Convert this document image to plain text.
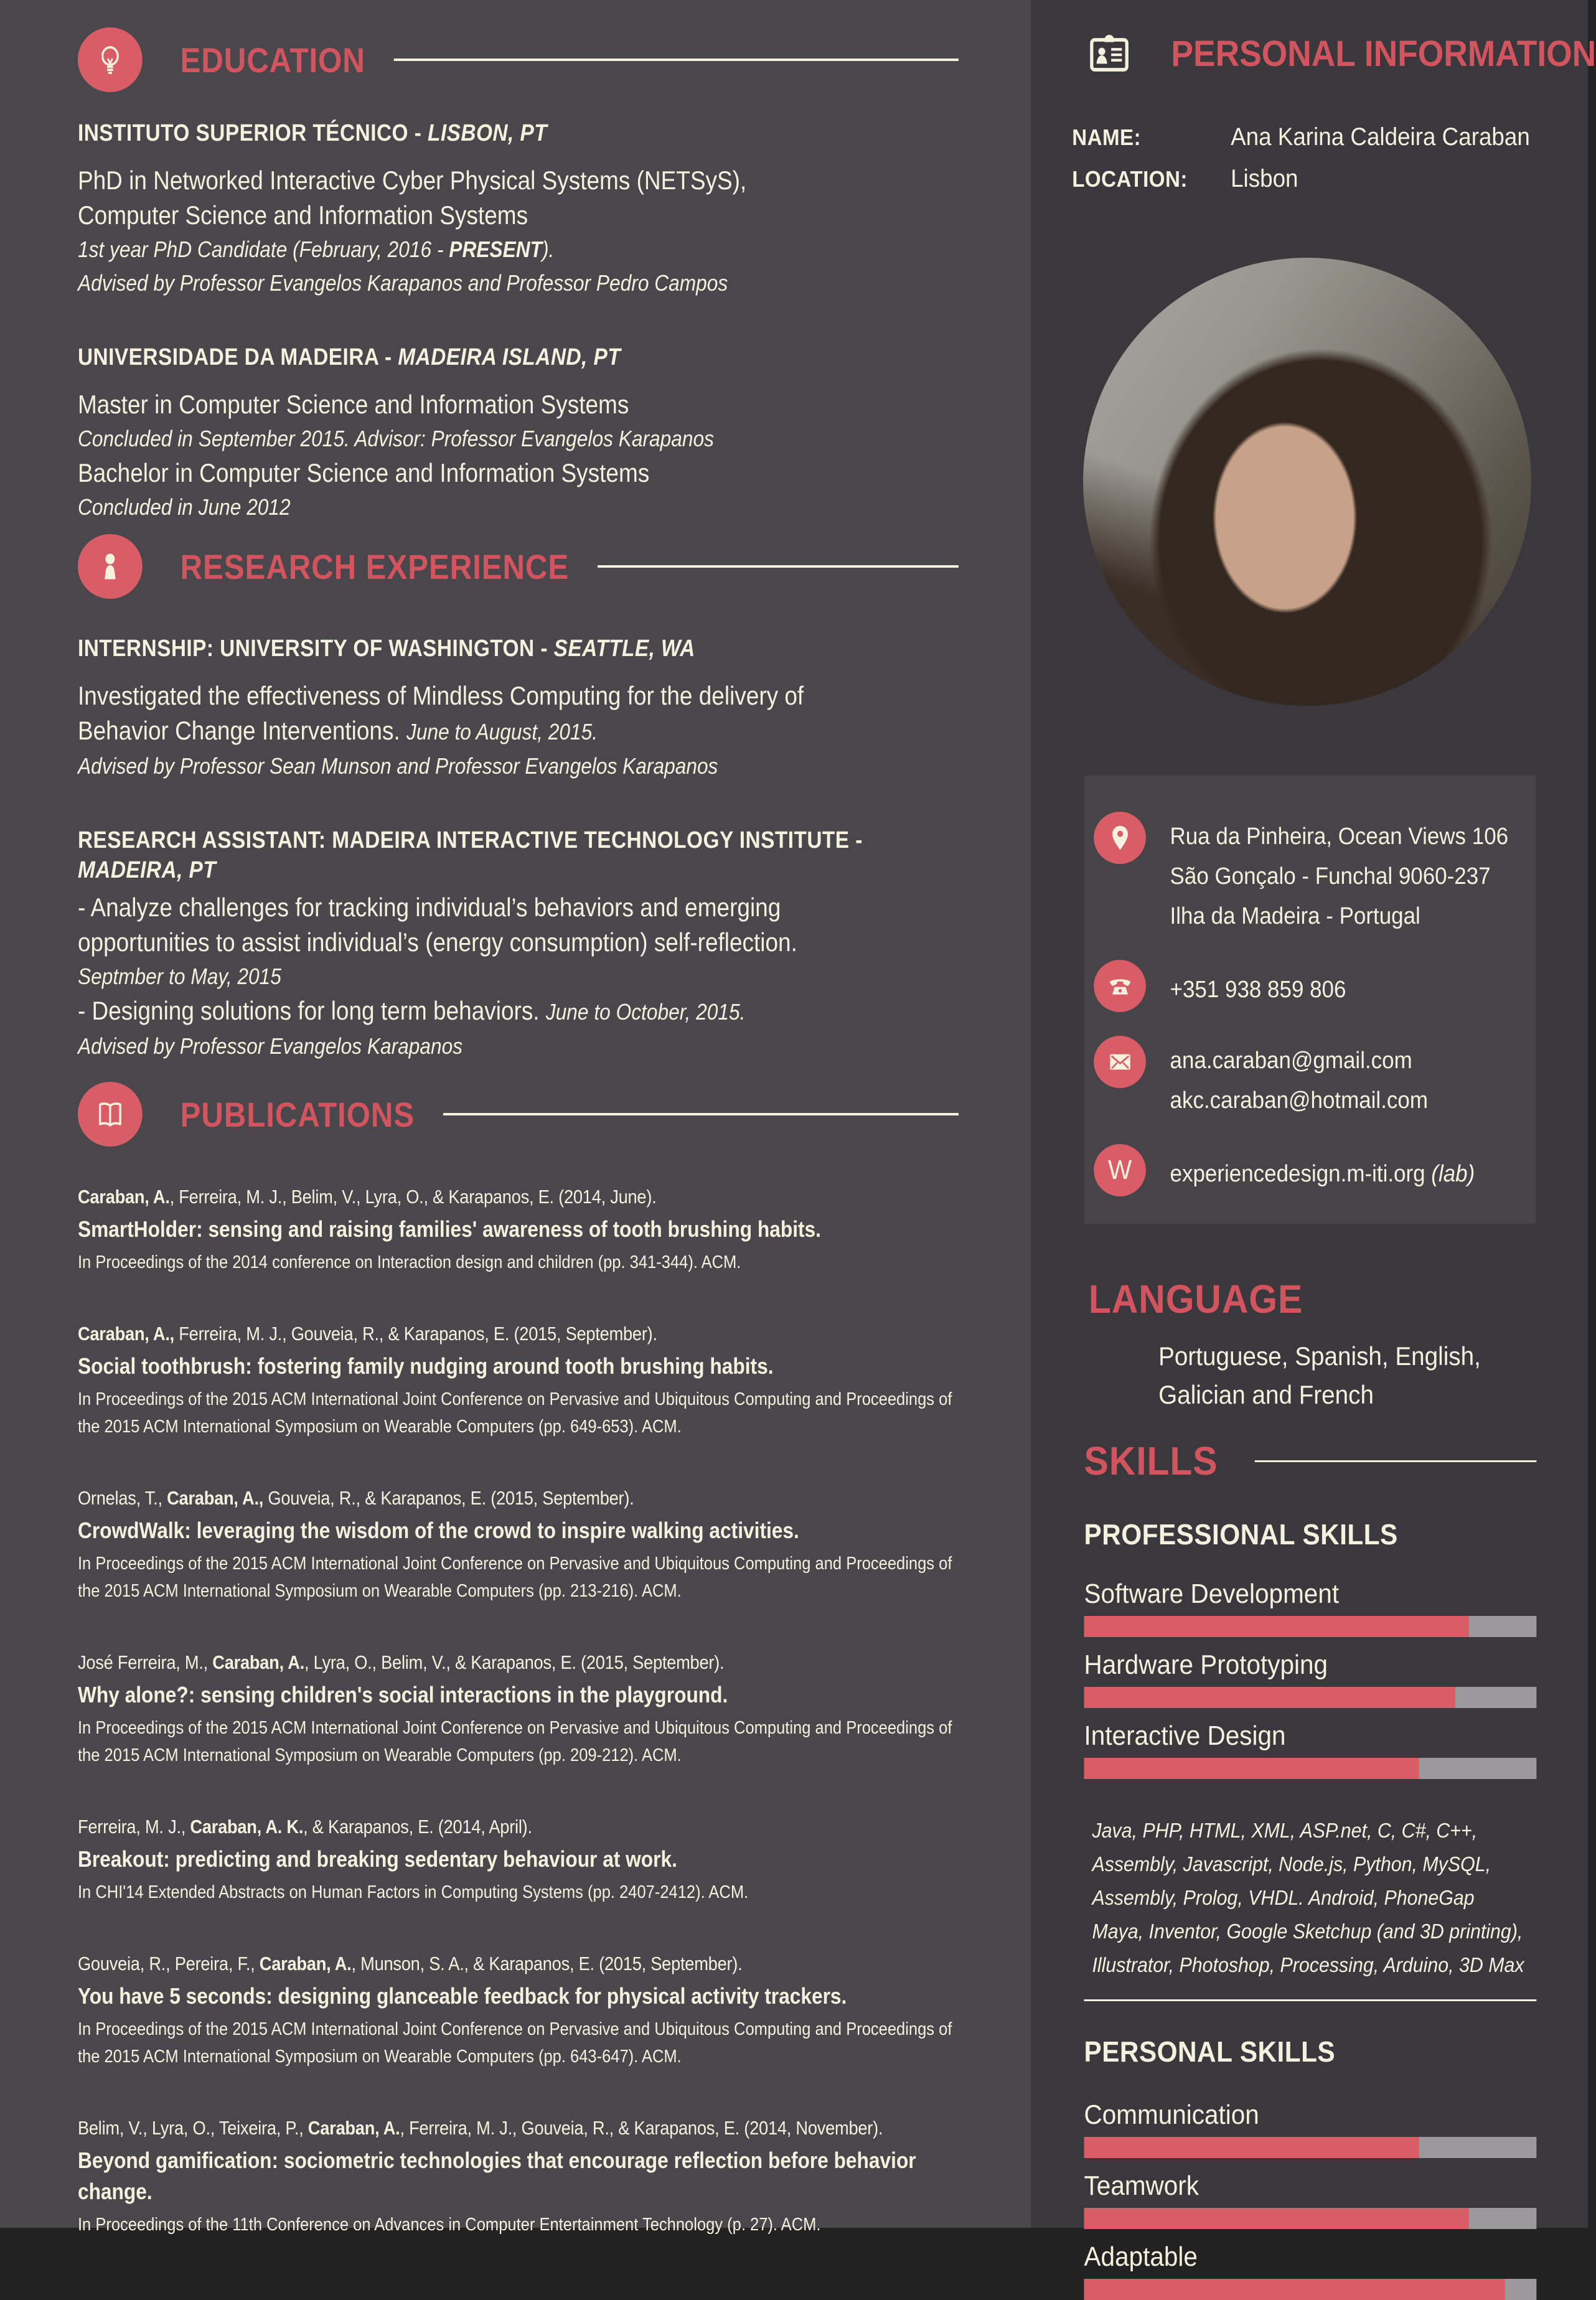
EDUCATION
INSTITUTO SUPERIOR TÉCNICO - LISBON, PT
PhD in Networked Interactive Cyber Physical Systems (NETSyS),
Computer Science and Information Systems
1st year PhD Candidate (February, 2016 - PRESENT).
Advised by Professor Evangelos Karapanos and Professor Pedro Campos
UNIVERSIDADE DA MADEIRA - MADEIRA ISLAND, PT
Master in Computer Science and Information Systems
Concluded in September 2015. Advisor: Professor Evangelos Karapanos
Bachelor in Computer Science and Information Systems
Concluded in June 2012
RESEARCH EXPERIENCE
INTERNSHIP: UNIVERSITY OF WASHINGTON - SEATTLE, WA
Investigated the effectiveness of Mindless Computing for the delivery of
Behavior Change Interventions. June to August, 2015.
Advised by Professor Sean Munson and Professor Evangelos Karapanos
RESEARCH ASSISTANT: MADEIRA INTERACTIVE TECHNOLOGY INSTITUTE - MADEIRA, PT
- Analyze challenges for tracking individual’s behaviors and emerging
opportunities to assist individual’s (energy consumption) self-reflection.
Septmber to May, 2015
- Designing solutions for long term behaviors. June to October, 2015.
Advised by Professor Evangelos Karapanos
PUBLICATIONS
Caraban, A., Ferreira, M. J., Belim, V., Lyra, O., & Karapanos, E. (2014, June).
SmartHolder: sensing and raising families' awareness of tooth brushing habits.
In Proceedings of the 2014 conference on Interaction design and children (pp. 341-344). ACM.
Caraban, A., Ferreira, M. J., Gouveia, R., & Karapanos, E. (2015, September).
Social toothbrush: fostering family nudging around tooth brushing habits.
In Proceedings of the 2015 ACM International Joint Conference on Pervasive and Ubiquitous Computing and Proceedings of the 2015 ACM International Symposium on Wearable Computers (pp. 649-653). ACM.
Ornelas, T., Caraban, A., Gouveia, R., & Karapanos, E. (2015, September).
CrowdWalk: leveraging the wisdom of the crowd to inspire walking activities.
In Proceedings of the 2015 ACM International Joint Conference on Pervasive and Ubiquitous Computing and Proceedings of the 2015 ACM International Symposium on Wearable Computers (pp. 213-216). ACM.
José Ferreira, M., Caraban, A., Lyra, O., Belim, V., & Karapanos, E. (2015, September).
Why alone?: sensing children's social interactions in the playground.
In Proceedings of the 2015 ACM International Joint Conference on Pervasive and Ubiquitous Computing and Proceedings of the 2015 ACM International Symposium on Wearable Computers (pp. 209-212). ACM.
Ferreira, M. J., Caraban, A. K., & Karapanos, E. (2014, April).
Breakout: predicting and breaking sedentary behaviour at work.
In CHI'14 Extended Abstracts on Human Factors in Computing Systems (pp. 2407-2412). ACM.
Gouveia, R., Pereira, F., Caraban, A., Munson, S. A., & Karapanos, E. (2015, September).
You have 5 seconds: designing glanceable feedback for physical activity trackers.
In Proceedings of the 2015 ACM International Joint Conference on Pervasive and Ubiquitous Computing and Proceedings of the 2015 ACM International Symposium on Wearable Computers (pp. 643-647). ACM.
Belim, V., Lyra, O., Teixeira, P., Caraban, A., Ferreira, M. J., Gouveia, R., & Karapanos, E. (2014, November).
Beyond gamification: sociometric technologies that encourage reflection before behavior change.
In Proceedings of the 11th Conference on Advances in Computer Entertainment Technology (p. 27). ACM.
PERSONAL INFORMATION
NAME:	Ana Karina Caldeira Caraban
LOCATION:	Lisbon
Rua da Pinheira, Ocean Views 106
São Gonçalo - Funchal 9060-237
Ilha da Madeira - Portugal
+351 938 859 806
ana.caraban@gmail.com
akc.caraban@hotmail.com
W experiencedesign.m-iti.org (lab)
LANGUAGE
Portuguese, Spanish, English,
Galician and French
SKILLS
PROFESSIONAL SKILLS
Software Development
Hardware Prototyping
Interactive Design
Java, PHP, HTML, XML, ASP.net, C, C#, C++,
Assembly, Javascript, Node.js, Python, MySQL,
Assembly, Prolog, VHDL. Android, PhoneGap
Maya, Inventor, Google Sketchup (and 3D printing),
Illustrator, Photoshop, Processing, Arduino, 3D Max
PERSONAL SKILLS
Communication
Teamwork
Adaptable
